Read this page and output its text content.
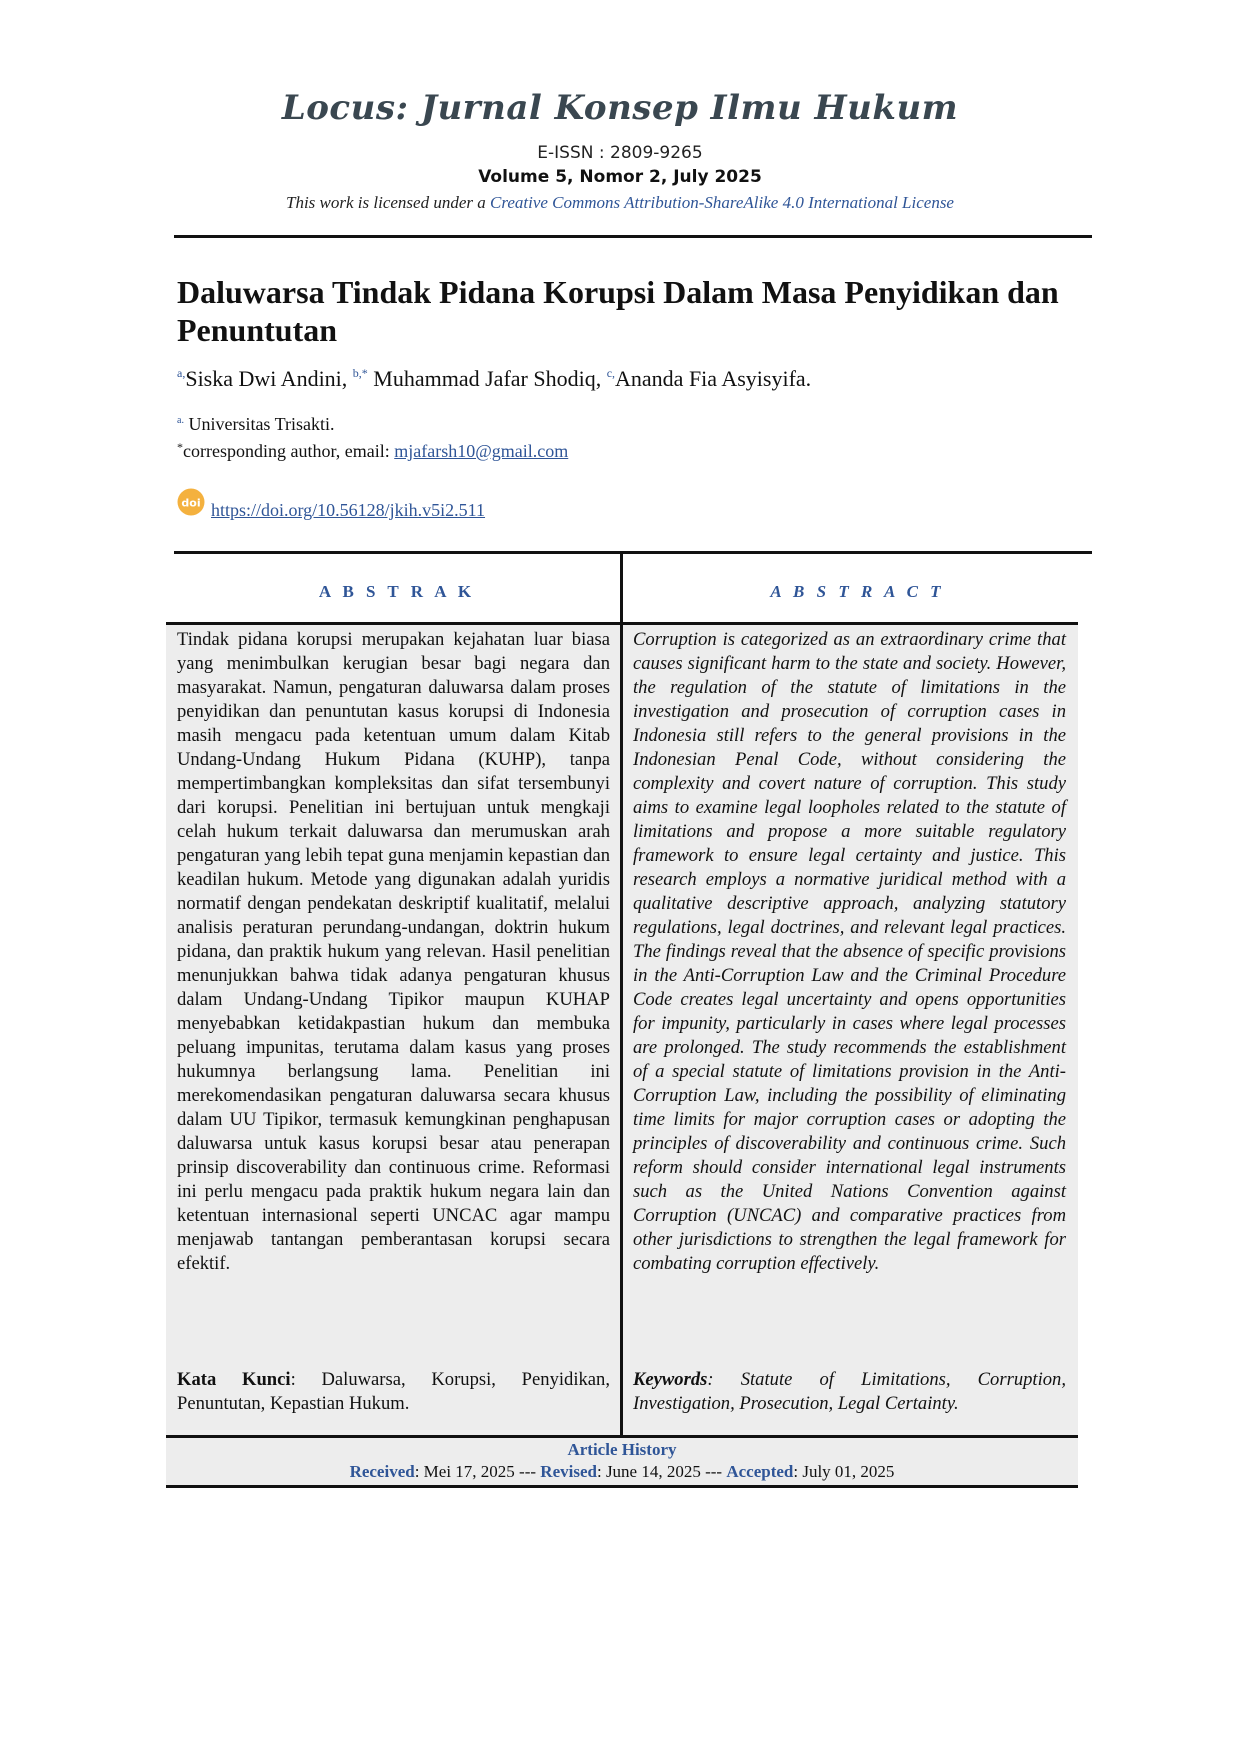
Locus: Jurnal Konsep Ilmu Hukum
E-ISSN : 2809-9265
Volume 5, Nomor 2, July 2025
This work is licensed under a Creative Commons Attribution-ShareAlike 4.0 International License
Daluwarsa Tindak Pidana Korupsi Dalam Masa Penyidikan dan Penuntutan
$^{a,}$Siska Dwi Andini, $^{b,*}$ Muhammad Jafar Shodiq, $^{c,}$Ananda Fia Asyisyifa.
$^{a.}$ Universitas Trisakti.
*corresponding author, email: mjafarsh10@gmail.com
doi https://doi.org/10.56128/jkih.v5i2.511
A B S T R A K	A B S T R A C T

Tindak pidana korupsi merupakan kejahatan luar biasa yang menimbulkan kerugian besar bagi negara dan masyarakat. Namun, pengaturan daluwarsa dalam proses penyidikan dan penuntutan kasus korupsi di Indonesia masih mengacu pada ketentuan umum dalam Kitab Undang-Undang Hukum Pidana (KUHP), tanpa mempertimbangkan kompleksitas dan sifat tersembunyi dari korupsi. Penelitian ini bertujuan untuk mengkaji celah hukum terkait daluwarsa dan merumuskan arah pengaturan yang lebih tepat guna menjamin kepastian dan keadilan hukum. Metode yang digunakan adalah yuridis normatif dengan pendekatan deskriptif kualitatif, melalui analisis peraturan perundang-undangan, doktrin hukum pidana, dan praktik hukum yang relevan. Hasil penelitian menunjukkan bahwa tidak adanya pengaturan khusus dalam Undang-Undang Tipikor maupun KUHAP menyebabkan ketidakpastian hukum dan membuka peluang impunitas, terutama dalam kasus yang proses hukumnya berlangsung lama. Penelitian ini merekomendasikan pengaturan daluwarsa secara khusus dalam UU Tipikor, termasuk kemungkinan penghapusan daluwarsa untuk kasus korupsi besar atau penerapan prinsip discoverability dan continuous crime. Reformasi ini perlu mengacu pada praktik hukum negara lain dan ketentuan internasional seperti UNCAC agar mampu menjawab tantangan pemberantasan korupsi secara efektif.

Corruption is categorized as an extraordinary crime that causes significant harm to the state and society. However, the regulation of the statute of limitations in the investigation and prosecution of corruption cases in Indonesia still refers to the general provisions in the Indonesian Penal Code, without considering the complexity and covert nature of corruption. This study aims to examine legal loopholes related to the statute of limitations and propose a more suitable regulatory framework to ensure legal certainty and justice. This research employs a normative juridical method with a qualitative descriptive approach, analyzing statutory regulations, legal doctrines, and relevant legal practices. The findings reveal that the absence of specific provisions in the Anti-Corruption Law and the Criminal Procedure Code creates legal uncertainty and opens opportunities for impunity, particularly in cases where legal processes are prolonged. The study recommends the establishment of a special statute of limitations provision in the Anti-Corruption Law, including the possibility of eliminating time limits for major corruption cases or adopting the principles of discoverability and continuous crime. Such reform should consider international legal instruments such as the United Nations Convention against Corruption (UNCAC) and comparative practices from other jurisdictions to strengthen the legal framework for combating corruption effectively.

Kata Kunci: Daluwarsa, Korupsi, Penyidikan, Penuntutan, Kepastian Hukum.

Keywords: Statute of Limitations, Corruption, Investigation, Prosecution, Legal Certainty.

Article History
Received: Mei 17, 2025 --- Revised: June 14, 2025 --- Accepted: July 01, 2025
